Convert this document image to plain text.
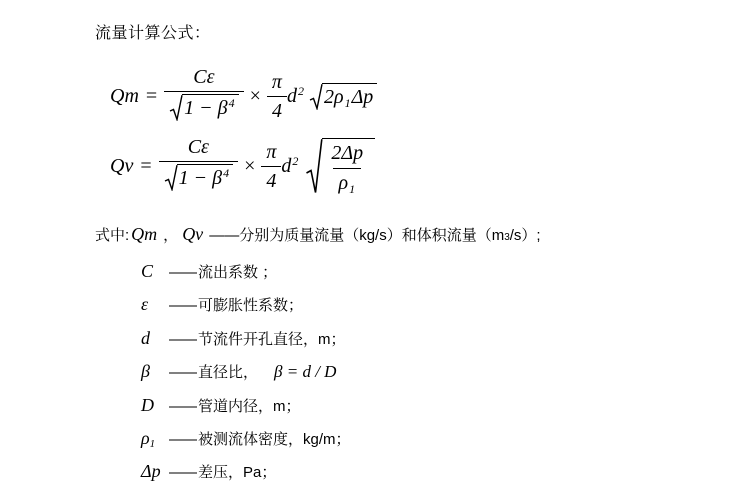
流量计算公式：
$Qm = \frac{C\varepsilon}{1 - \beta^4} \times \frac{\pi}{4} d^2$ $2\rho_1\Delta p$
$Qv = \frac{C\varepsilon}{1 - \beta^4} \times \frac{\pi}{4} d^2 \frac{2\Delta p}{\rho_1}$
式中: Qm ， Qv ——分别为质量流量（kg/s）和体积流量（m 3 /s）;
C	—— 流出系数 ；
ε	—— 可膨胀性系数；
d	—— 节流件开孔直径，m；
β	—— 直径比， β = d / D
D	—— 管道内径，m；
$\rho_1$ —— 被测流体密度，kg/m；
Δp —— 差压，Pa；
